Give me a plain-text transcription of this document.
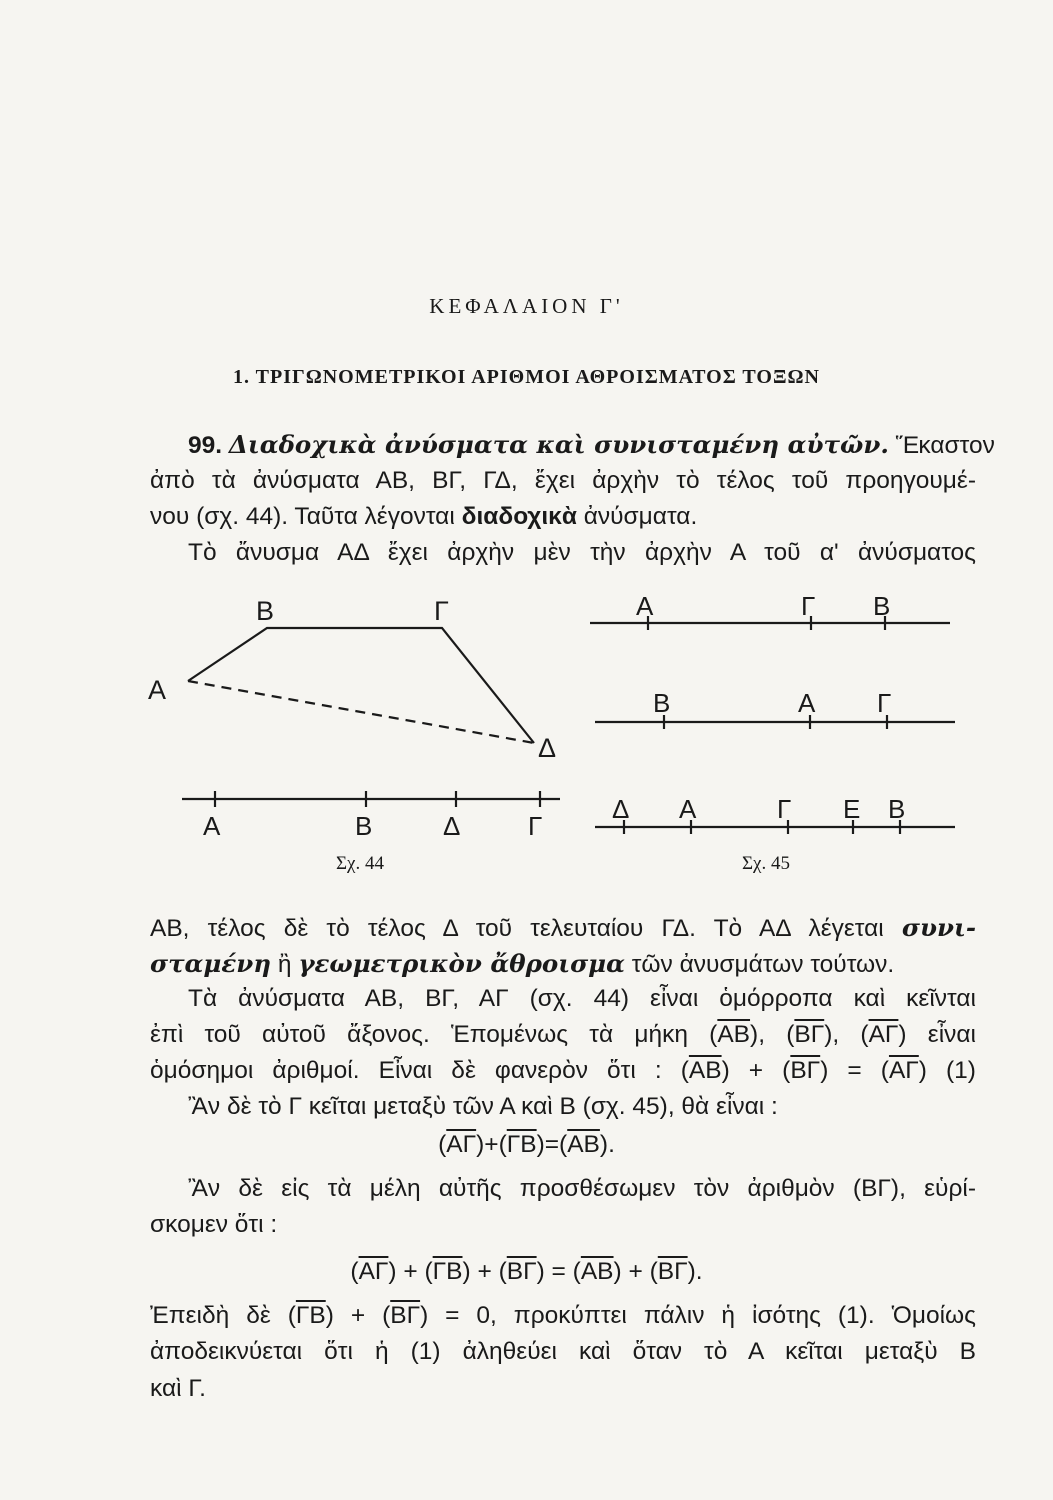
ΚΕΦΑΛΑΙΟΝ Γ'
1. ΤΡΙΓΩΝΟΜΕΤΡΙΚΟΙ ΑΡΙΘΜΟΙ ΑΘΡΟΙΣΜΑΤΟΣ ΤΟΞΩΝ
99. Διαδοχικὰ ἀνύσματα καὶ συνισταμένη αὐτῶν. Ἕκαστον
ἀπὸ τὰ ἀνύσματα ΑΒ, ΒΓ, ΓΔ, ἔχει ἀρχὴν τὸ τέλος τοῦ προηγουμέ-
νου (σχ. 44). Ταῦτα λέγονται διαδοχικὰ ἀνύσματα.
Τὸ ἄνυσμα ΑΔ ἔχει ἀρχὴν μὲν τὴν ἀρχὴν Α τοῦ α' ἀνύσματος
Α
Β	Γ
Δ
Α	Β	Δ	Γ
Σχ. 44
Α	Γ Β
Β	Α Γ
Δ Α	Γ Ε Β
Σχ. 45
ΑΒ, τέλος δὲ τὸ τέλος Δ τοῦ τελευταίου ΓΔ. Τὸ ΑΔ λέγεται συνι-
σταμένη ἢ γεωμετρικὸν ἄθροισμα τῶν ἀνυσμάτων τούτων.
Τὰ ἀνύσματα ΑΒ, ΒΓ, ΑΓ (σχ. 44) εἶναι ὁμόρροπα καὶ κεῖνται
ἐπὶ τοῦ αὐτοῦ ἄξονος. Ἑπομένως τὰ μήκη $(\overline{AB})$, $(\overline{B\Gamma})$, $(\overline{A\Gamma})$ εἶναι
ὁμόσημοι ἀριθμοί. Εἶναι δὲ φανερὸν ὅτι : $(\overline{AB}) + (\overline{B\Gamma}) = (\overline{A\Gamma})$ (1)
Ἂν δὲ τὸ Γ κεῖται μεταξὺ τῶν Α καὶ Β (σχ. 45), θὰ εἶναι :
$(\overline{A\Gamma})+(\overline{\Gamma B})=(\overline{AB})$.
Ἂν δὲ εἰς τὰ μέλη αὐτῆς προσθέσωμεν τὸν ἀριθμὸν (ΒΓ), εὑρί-
σκομεν ὅτι :
$(\overline{A\Gamma}) + (\overline{\Gamma B}) + (\overline{B\Gamma}) = (\overline{AB}) + (\overline{B\Gamma})$.
Ἐπειδὴ δὲ $(\overline{\Gamma B}) + (\overline{B\Gamma}) = 0$, προκύπτει πάλιν ἡ ἰσότης (1). Ὁμοίως
ἀποδεικνύεται ὅτι ἡ (1) ἀληθεύει καὶ ὅταν τὸ Α κεῖται μεταξὺ Β
καὶ Γ.
